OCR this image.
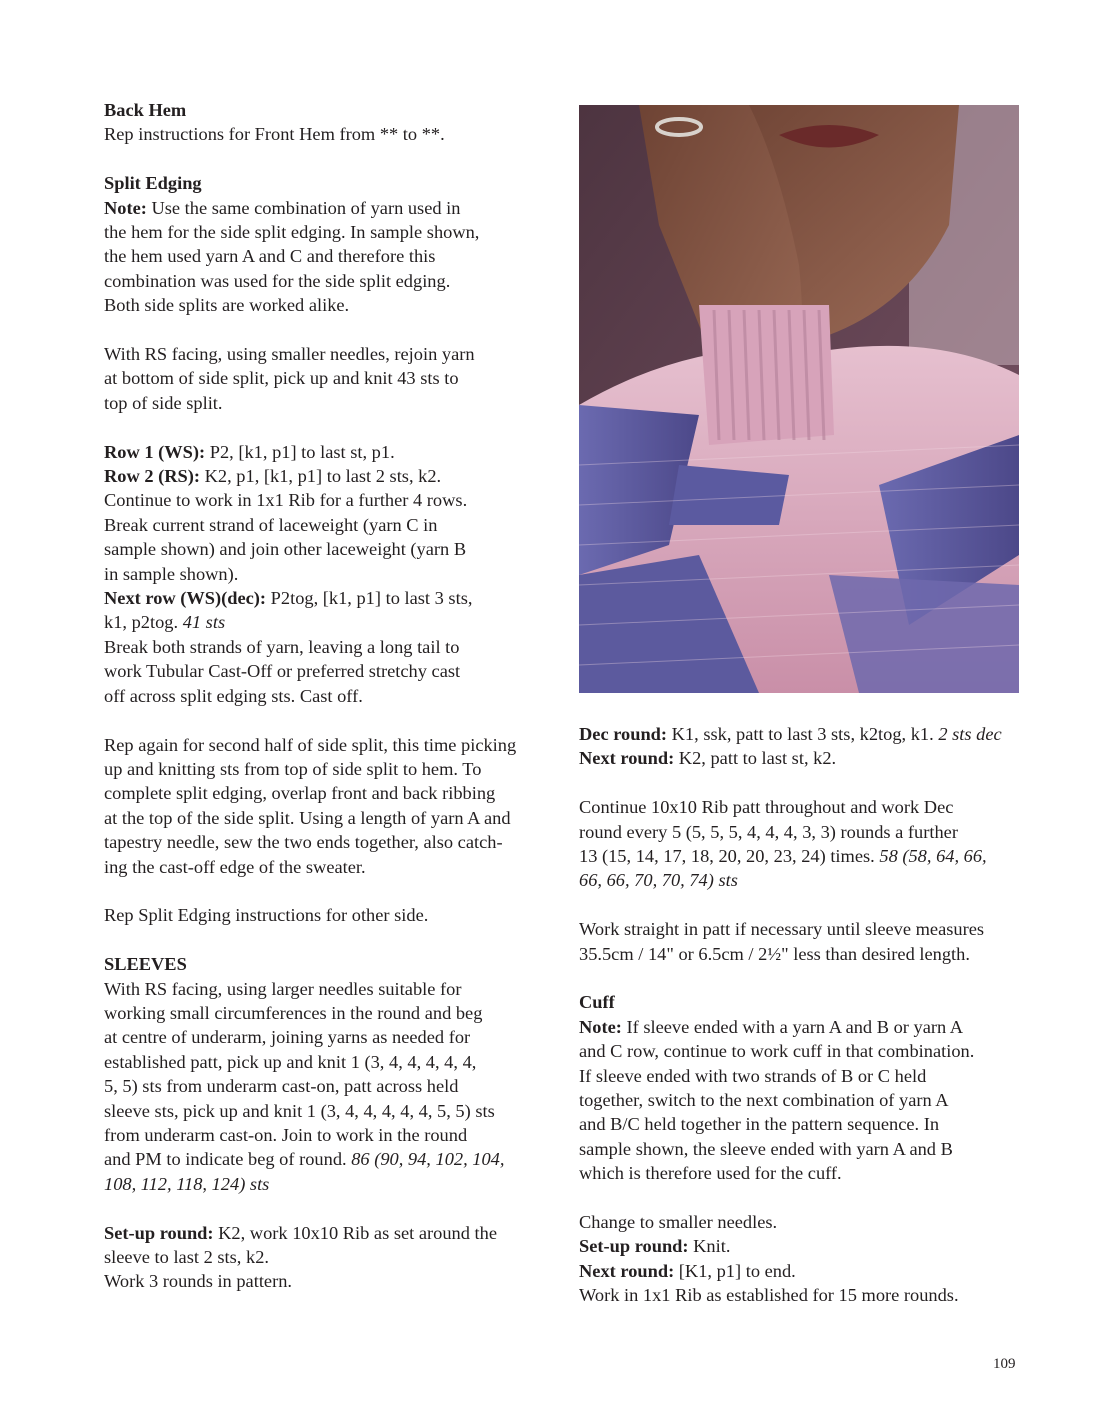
Back Hem
Rep instructions for Front Hem from ** to **.

Split Edging
Note: Use the same combination of yarn used in
the hem for the side split edging. In sample shown,
the hem used yarn A and C and therefore this
combination was used for the side split edging.
Both side splits are worked alike.

With RS facing, using smaller needles, rejoin yarn
at bottom of side split, pick up and knit 43 sts to
top of side split.

Row 1 (WS): P2, [k1, p1] to last st, p1.
Row 2 (RS): K2, p1, [k1, p1] to last 2 sts, k2.
Continue to work in 1x1 Rib for a further 4 rows.
Break current strand of laceweight (yarn C in
sample shown) and join other laceweight (yarn B
in sample shown).
Next row (WS)(dec): P2tog, [k1, p1] to last 3 sts,
k1, p2tog. 41 sts
Break both strands of yarn, leaving a long tail to
work Tubular Cast-Off or preferred stretchy cast
off across split edging sts. Cast off.

Rep again for second half of side split, this time picking
up and knitting sts from top of side split to hem. To
complete split edging, overlap front and back ribbing
at the top of the side split. Using a length of yarn A and
tapestry needle, sew the two ends together, also catch-
ing the cast-off edge of the sweater.

Rep Split Edging instructions for other side.

SLEEVES
With RS facing, using larger needles suitable for
working small circumferences in the round and beg
at centre of underarm, joining yarns as needed for
established patt, pick up and knit 1 (3, 4, 4, 4, 4, 4,
5, 5) sts from underarm cast-on, patt across held
sleeve sts, pick up and knit 1 (3, 4, 4, 4, 4, 4, 5, 5) sts
from underarm cast-on. Join to work in the round
and PM to indicate beg of round. 86 (90, 94, 102, 104,
108, 112, 118, 124) sts

Set-up round: K2, work 10x10 Rib as set around the
sleeve to last 2 sts, k2.
Work 3 rounds in pattern.

Dec round: K1, ssk, patt to last 3 sts, k2tog, k1. 2 sts dec
Next round: K2, patt to last st, k2.

Continue 10x10 Rib patt throughout and work Dec
round every 5 (5, 5, 5, 4, 4, 4, 3, 3) rounds a further
13 (15, 14, 17, 18, 20, 20, 23, 24) times. 58 (58, 64, 66,
66, 66, 70, 70, 74) sts

Work straight in patt if necessary until sleeve measures
35.5cm / 14" or 6.5cm / 2½" less than desired length.

Cuff
Note: If sleeve ended with a yarn A and B or yarn A
and C row, continue to work cuff in that combination.
If sleeve ended with two strands of B or C held
together, switch to the next combination of yarn A
and B/C held together in the pattern sequence. In
sample shown, the sleeve ended with yarn A and B
which is therefore used for the cuff.

Change to smaller needles.
Set-up round: Knit.
Next round: [K1, p1] to end.
Work in 1x1 Rib as established for 15 more rounds.

109
